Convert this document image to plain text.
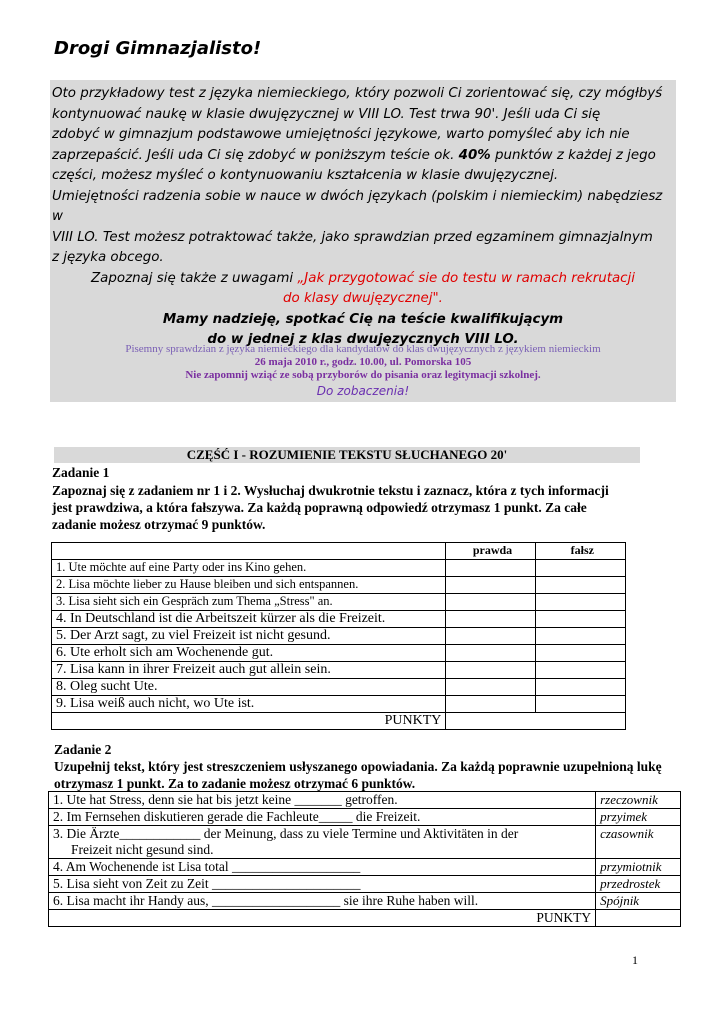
Drogi Gimnazjalisto!

Oto przykładowy test z języka niemieckiego, który pozwoli Ci zorientować się, czy mógłbyś

kontynuować naukę w klasie dwujęzycznej w VIII LO. Test trwa 90'. Jeśli uda Ci się

zdobyć w gimnazjum podstawowe umiejętności językowe, warto pomyśleć aby ich nie

zaprzepaścić. Jeśli uda Ci się zdobyć w poniższym teście ok. 40% punktów z każdej z jego

części, możesz myśleć o kontynuowaniu kształcenia w klasie dwujęzycznej.

Umiejętności radzenia sobie w nauce w dwóch językach (polskim i niemieckim) nabędziesz w

VIII LO. Test możesz potraktować także, jako sprawdzian przed egzaminem gimnazjalnym

z języka obcego.

Zapoznaj się także z uwagami „Jak przygotować sie do testu w ramach rekrutacji

do klasy dwujęzycznej".

Mamy nadzieję, spotkać Cię na teście kwalifikującym

do w jednej z klas dwujęzycznych VIII LO.

Pisemny sprawdzian z języka niemieckiego dla kandydatów do klas dwujęzycznych z językiem niemieckim
26 maja 2010 r., godz. 10.00, ul. Pomorska 105
Nie zapomnij wziąć ze sobą przyborów do pisania oraz legitymacji szkolnej.
Do zobaczenia!
CZĘŚĆ I - ROZUMIENIE TEKSTU SŁUCHANEGO 20'
Zadanie 1
Zapoznaj się z zadaniem nr 1 i 2. Wysłuchaj dwukrotnie tekstu i zaznacz, która z tych informacji jest prawdziwa, a która fałszywa. Za każdą poprawną odpowiedź otrzymasz 1 punkt. Za całe zadanie możesz otrzymać 9 punktów.
	prawda	fałsz
1. Ute möchte auf eine Party oder ins Kino gehen.		
2. Lisa möchte lieber zu Hause bleiben und sich entspannen.		
3. Lisa sieht sich ein Gespräch zum Thema „Stress" an.		
4. In Deutschland ist die Arbeitszeit kürzer als die Freizeit.		
5. Der Arzt sagt, zu viel Freizeit ist nicht gesund.		
6. Ute erholt sich am Wochenende gut.		
7. Lisa kann in ihrer Freizeit auch gut allein sein.		
8. Oleg sucht Ute.		
9. Lisa weiß auch nicht, wo Ute ist.		
PUNKTY		
Zadanie 2
Uzupełnij tekst, który jest streszczeniem usłyszanego opowiadania. Za każdą poprawnie uzupełnioną lukę otrzymasz 1 punkt. Za to zadanie możesz otrzymać 6 punktów.
1. Ute hat Stress, denn sie hat bis jetzt keine _______ getroffen.	rzeczownik
2. Im Fernsehen diskutieren gerade die Fachleute_____ die Freizeit.	przyimek

3. Die Ärzte____________ der Meinung, dass zu viele Termine und Aktivitäten in der
Freizeit nicht gesund sind.	czasownik
4. Am Wochenende ist Lisa total ___________________	przymiotnik
5. Lisa sieht von Zeit zu Zeit ______________________	przedrostek
6. Lisa macht ihr Handy aus, ___________________ sie ihre Ruhe haben will.	Spójnik
PUNKTY	
1
